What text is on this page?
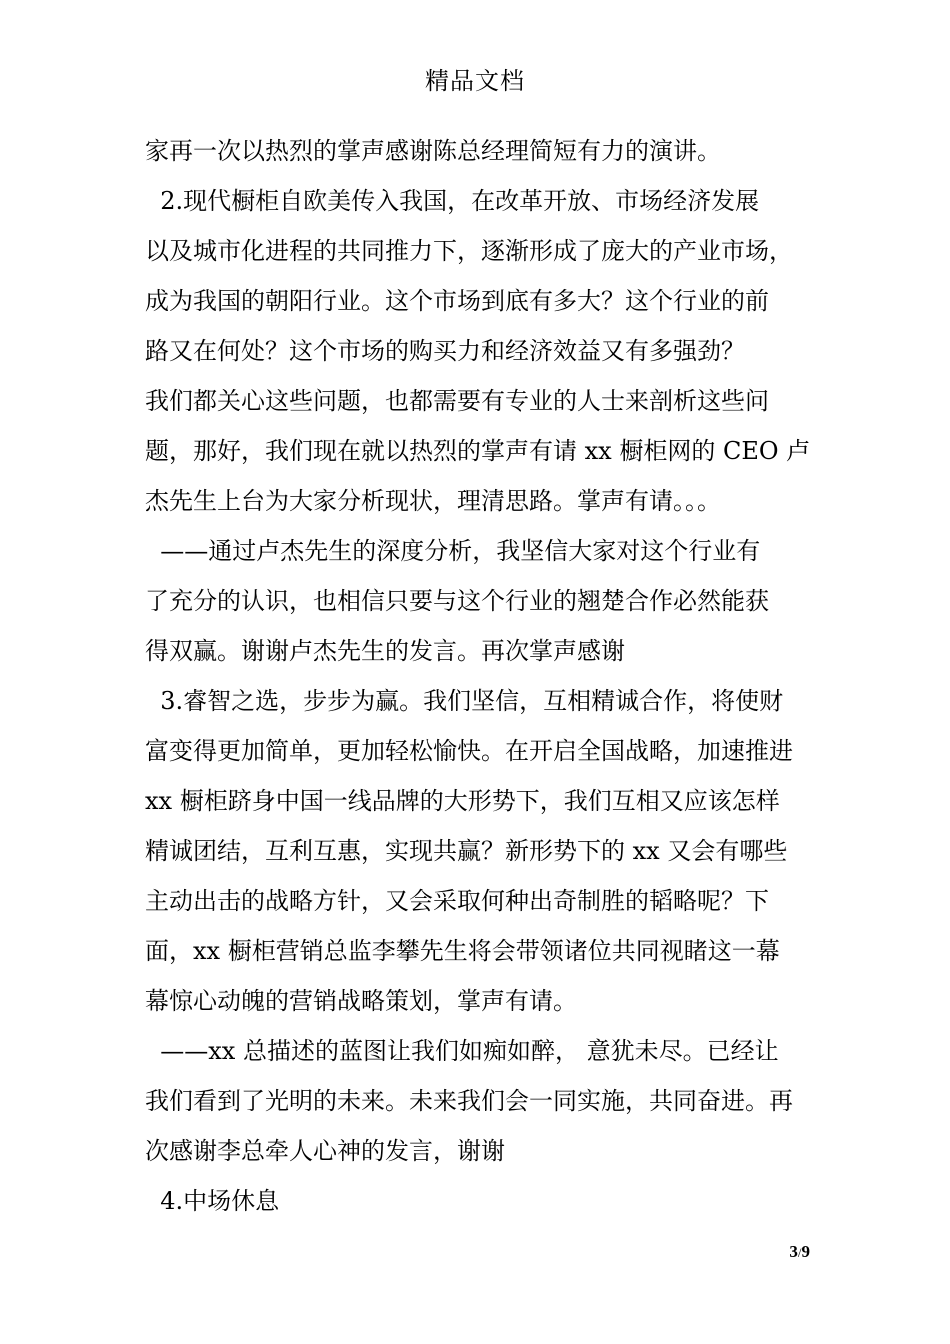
精品文档
家再一次以热烈的掌声感谢陈总经理简短有力的演讲。
2.现代橱柜自欧美传入我国，在改革开放、市场经济发展
以及城市化进程的共同推力下，逐渐形成了庞大的产业市场，
成为我国的朝阳行业。这个市场到底有多大？这个行业的前
路又在何处？这个市场的购买力和经济效益又有多强劲？
我们都关心这些问题，也都需要有专业的人士来剖析这些问
题，那好，我们现在就以热烈的掌声有请 xx 橱柜网的 CEO 卢
杰先生上台为大家分析现状，理清思路。掌声有请。。。
——通过卢杰先生的深度分析，我坚信大家对这个行业有
了充分的认识，也相信只要与这个行业的翘楚合作必然能获
得双赢。谢谢卢杰先生的发言。再次掌声感谢
3.睿智之选，步步为赢。我们坚信，互相精诚合作，将使财
富变得更加简单，更加轻松愉快。在开启全国战略，加速推进
xx 橱柜跻身中国一线品牌的大形势下，我们互相又应该怎样
精诚团结，互利互惠，实现共赢？新形势下的 xx 又会有哪些
主动出击的战略方针，又会采取何种出奇制胜的韬略呢？下
面，xx 橱柜营销总监李攀先生将会带领诸位共同视睹这一幕
幕惊心动魄的营销战略策划，掌声有请。
——xx 总描述的蓝图让我们如痴如醉， 意犹未尽。已经让
我们看到了光明的未来。未来我们会一同实施，共同奋进。再
次感谢李总牵人心神的发言，谢谢
4.中场休息
3/9
